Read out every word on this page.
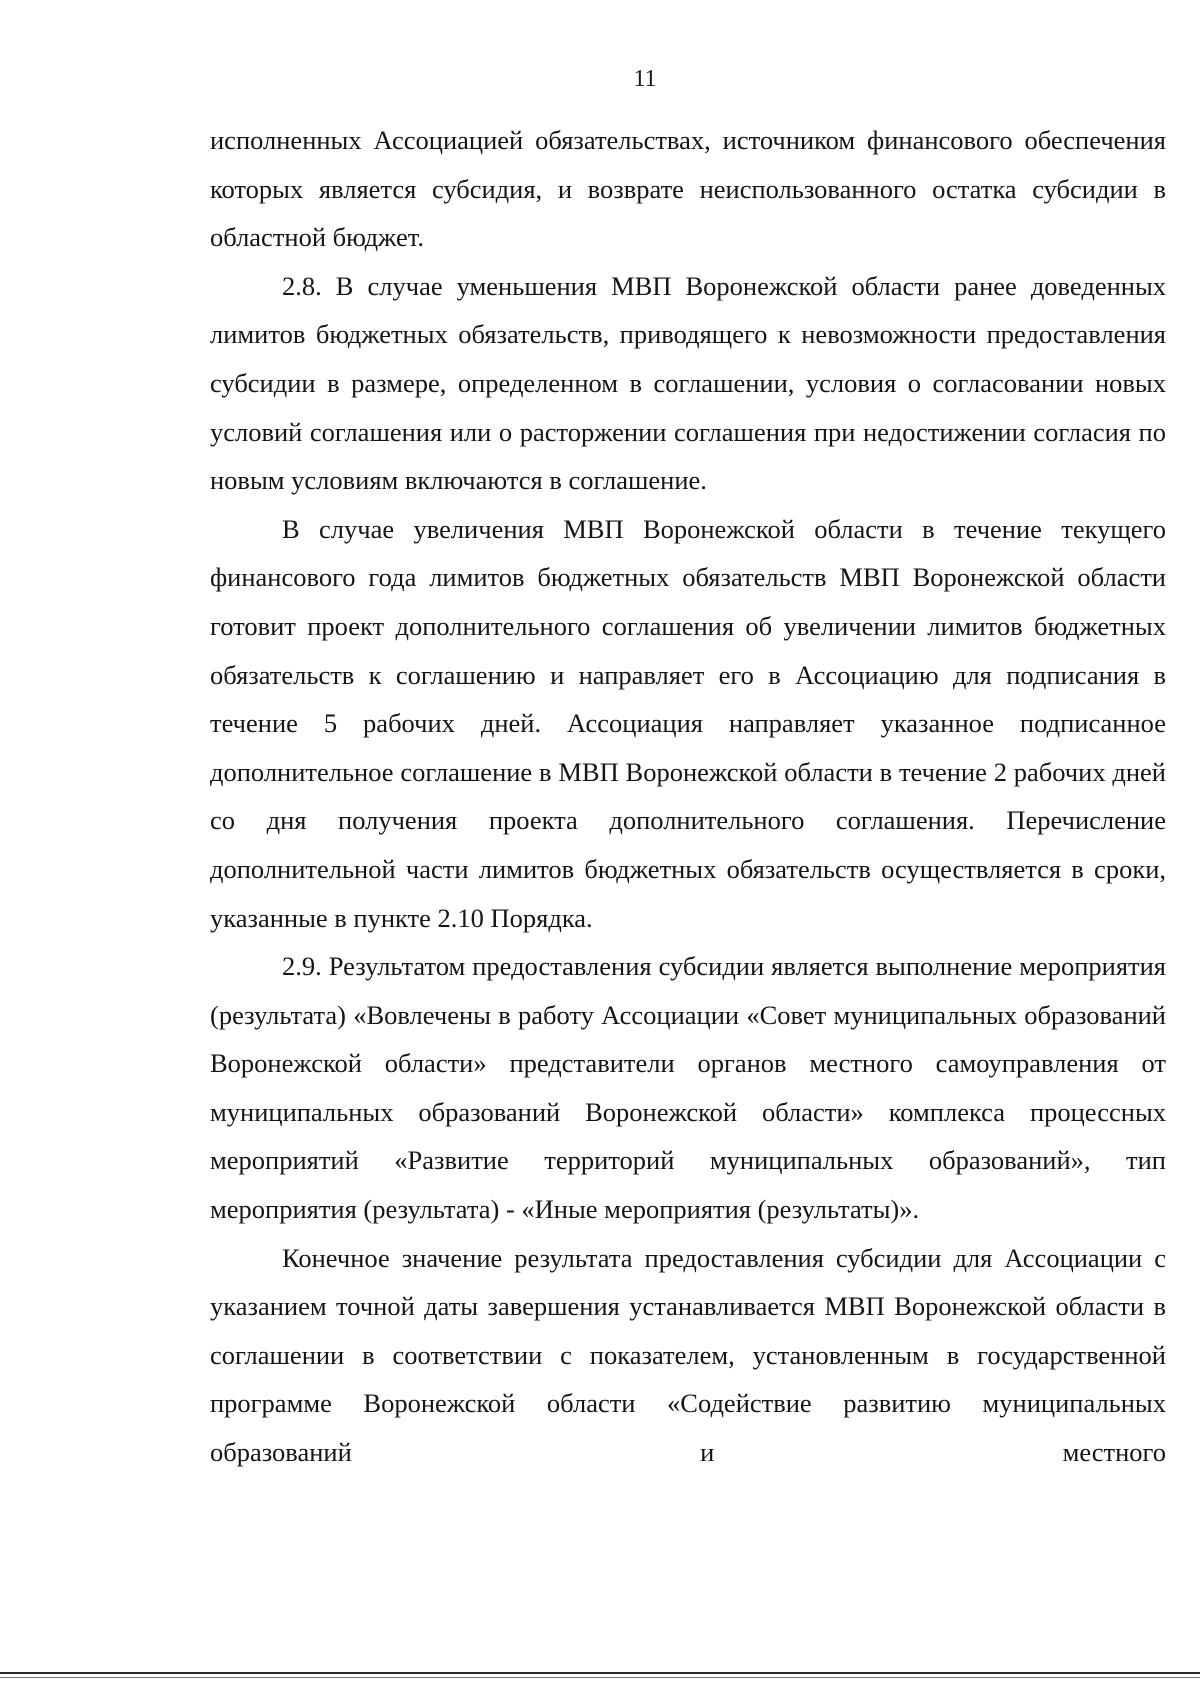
11

исполненных Ассоциацией обязательствах, источником финансового обеспечения которых является субсидия, и возврате неиспользованного остатка субсидии в областной бюджет.

2.8. В случае уменьшения МВП Воронежской области ранее доведенных лимитов бюджетных обязательств, приводящего к невозможности предоставления субсидии в размере, определенном в соглашении, условия о согласовании новых условий соглашения или о расторжении соглашения при недостижении согласия по новым условиям включаются в соглашение.

В случае увеличения МВП Воронежской области в течение текущего финансового года лимитов бюджетных обязательств МВП Воронежской области готовит проект дополнительного соглашения об увеличении лимитов бюджетных обязательств к соглашению и направляет его в Ассоциацию для подписания в течение 5 рабочих дней. Ассоциация направляет указанное подписанное дополнительное соглашение в МВП Воронежской области в течение 2 рабочих дней со дня получения проекта дополнительного соглашения. Перечисление дополнительной части лимитов бюджетных обязательств осуществляется в сроки, указанные в пункте 2.10 Порядка.

2.9. Результатом предоставления субсидии является выполнение мероприятия (результата) «Вовлечены в работу Ассоциации «Совет муниципальных образований Воронежской области» представители органов местного самоуправления от муниципальных образований Воронежской области» комплекса процессных мероприятий «Развитие территорий муниципальных образований», тип мероприятия (результата) - «Иные мероприятия (результаты)».

Конечное значение результата предоставления субсидии для Ассоциации с указанием точной даты завершения устанавливается МВП Воронежской области в соглашении в соответствии с показателем, установленным в государственной программе Воронежской области «Содействие развитию муниципальных образований и местного
